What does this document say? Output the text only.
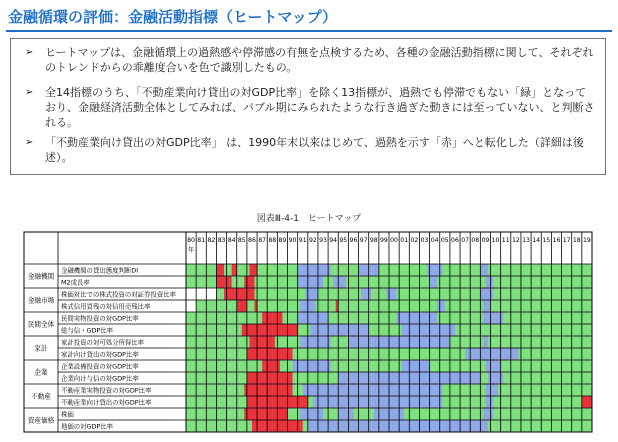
金融循環の評価：金融活動指標（ヒートマップ）
➢ ヒートマップは、金融循環上の過熱感や停滞感の有無を点検するため、各種の金融活動指標に関して、それぞれのトレンドからの乖離度合いを色で識別したもの。
➢ 全14指標のうち、「不動産業向け貸出の対GDP比率」を除く13指標が、過熱でも停滞でもない「緑」となっており、金融経済活動全体としてみれば、バブル期にみられたような行き過ぎた動きには至っていない、と判断される。
➢ 「不動産業向け貸出の対GDP比率」 は、1990年末以来はじめて、過熱を示す「赤」へと転化した（詳細は後述）。
図表Ⅲ-4-1　ヒートマップ
80 81 82 83 84 85 86 87 88 89 90 91 92 93 94 95 96 97 98 99 00 01 02 03 04 05 06 07 08 09 10 11 12 13 14 15 16 17 18 19
年
金融機関の貸出態度判断DI
M2成長率
株価対比での株式投資の対証券投資比率
株式信用買残の対信用売残比率
民間実物投資の対GDP比率
総与信・GDP比率
家計投資の対可処分所得比率
家計向け貸出の対GDP比率
企業設備投資の対GDP比率
企業向け与信の対GDP比率
不動産業実物投資の対GDP比率
不動産業向け貸出の対GDP比率
株価
地価の対GDP比率
金融機関
金融市場
民間全体
家計
企業
不動産
資産価格
